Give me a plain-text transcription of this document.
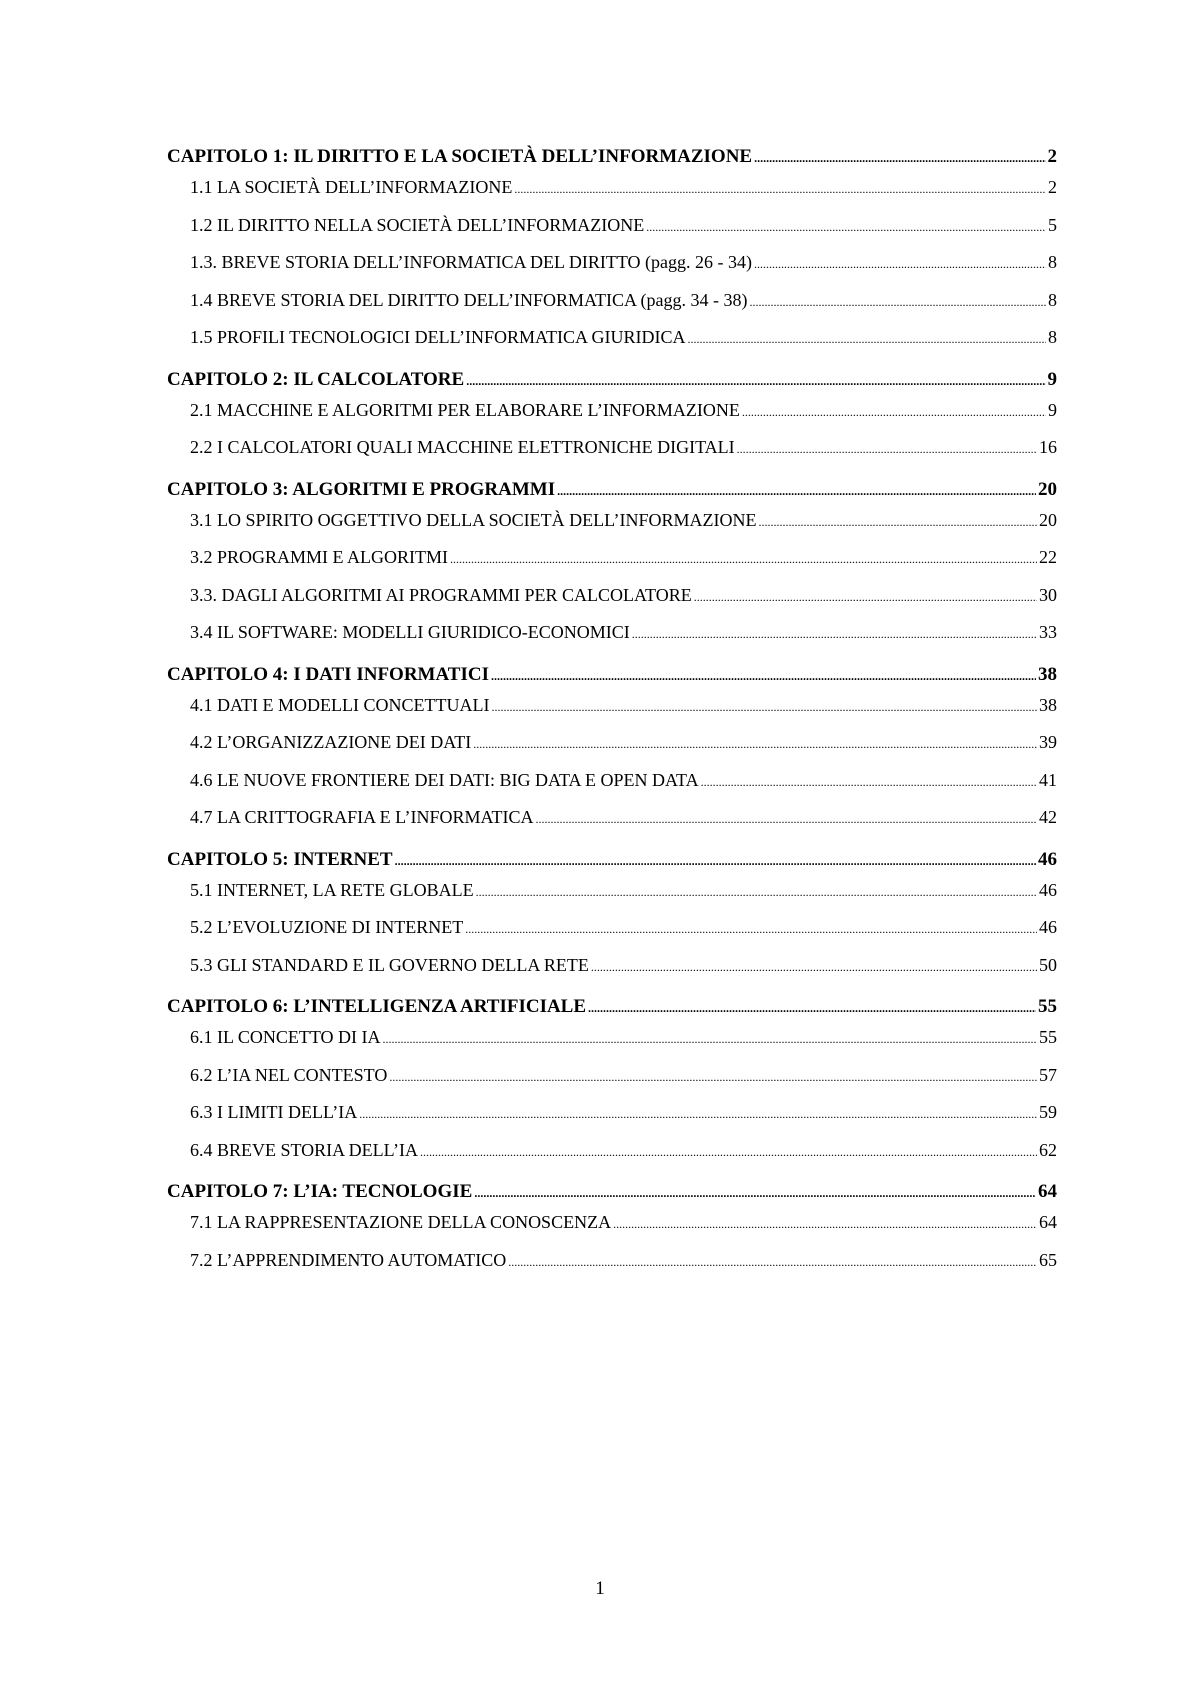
CAPITOLO 1: IL DIRITTO E LA SOCIETÀ DELL’INFORMAZIONE .....	2
1.1 LA SOCIETÀ DELL’INFORMAZIONE .....	2
1.2 IL DIRITTO NELLA SOCIETÀ DELL’INFORMAZIONE .....	5
1.3. BREVE STORIA DELL’INFORMATICA DEL DIRITTO (pagg. 26 - 34) .....	8
1.4 BREVE STORIA DEL DIRITTO DELL’INFORMATICA (pagg. 34 - 38) .....	8
1.5 PROFILI TECNOLOGICI DELL’INFORMATICA GIURIDICA .....	8
CAPITOLO 2: IL CALCOLATORE .....	9
2.1 MACCHINE E ALGORITMI PER ELABORARE L’INFORMAZIONE .....	9
2.2 I CALCOLATORI QUALI MACCHINE ELETTRONICHE DIGITALI .....	16
CAPITOLO 3: ALGORITMI E PROGRAMMI .....	20
3.1 LO SPIRITO OGGETTIVO DELLA SOCIETÀ DELL’INFORMAZIONE .....	20
3.2 PROGRAMMI E ALGORITMI .....	22
3.3. DAGLI ALGORITMI AI PROGRAMMI PER CALCOLATORE .....	30
3.4 IL SOFTWARE: MODELLI GIURIDICO-ECONOMICI .....	33
CAPITOLO 4: I DATI INFORMATICI .....	38
4.1 DATI E MODELLI CONCETTUALI .....	38
4.2 L’ORGANIZZAZIONE DEI DATI .....	39
4.6 LE NUOVE FRONTIERE DEI DATI: BIG DATA E OPEN DATA .....	41
4.7 LA CRITTOGRAFIA E L’INFORMATICA .....	42
CAPITOLO 5: INTERNET .....	46
5.1 INTERNET, LA RETE GLOBALE .....	46
5.2 L’EVOLUZIONE DI INTERNET .....	46
5.3 GLI STANDARD E IL GOVERNO DELLA RETE .....	50
CAPITOLO 6: L’INTELLIGENZA ARTIFICIALE .....	55
6.1 IL CONCETTO DI IA .....	55
6.2 L’IA NEL CONTESTO .....	57
6.3 I LIMITI DELL’IA .....	59
6.4 BREVE STORIA DELL’IA .....	62
CAPITOLO 7: L’IA: TECNOLOGIE .....	64
7.1 LA RAPPRESENTAZIONE DELLA CONOSCENZA .....	64
7.2 L’APPRENDIMENTO AUTOMATICO .....	65
1
